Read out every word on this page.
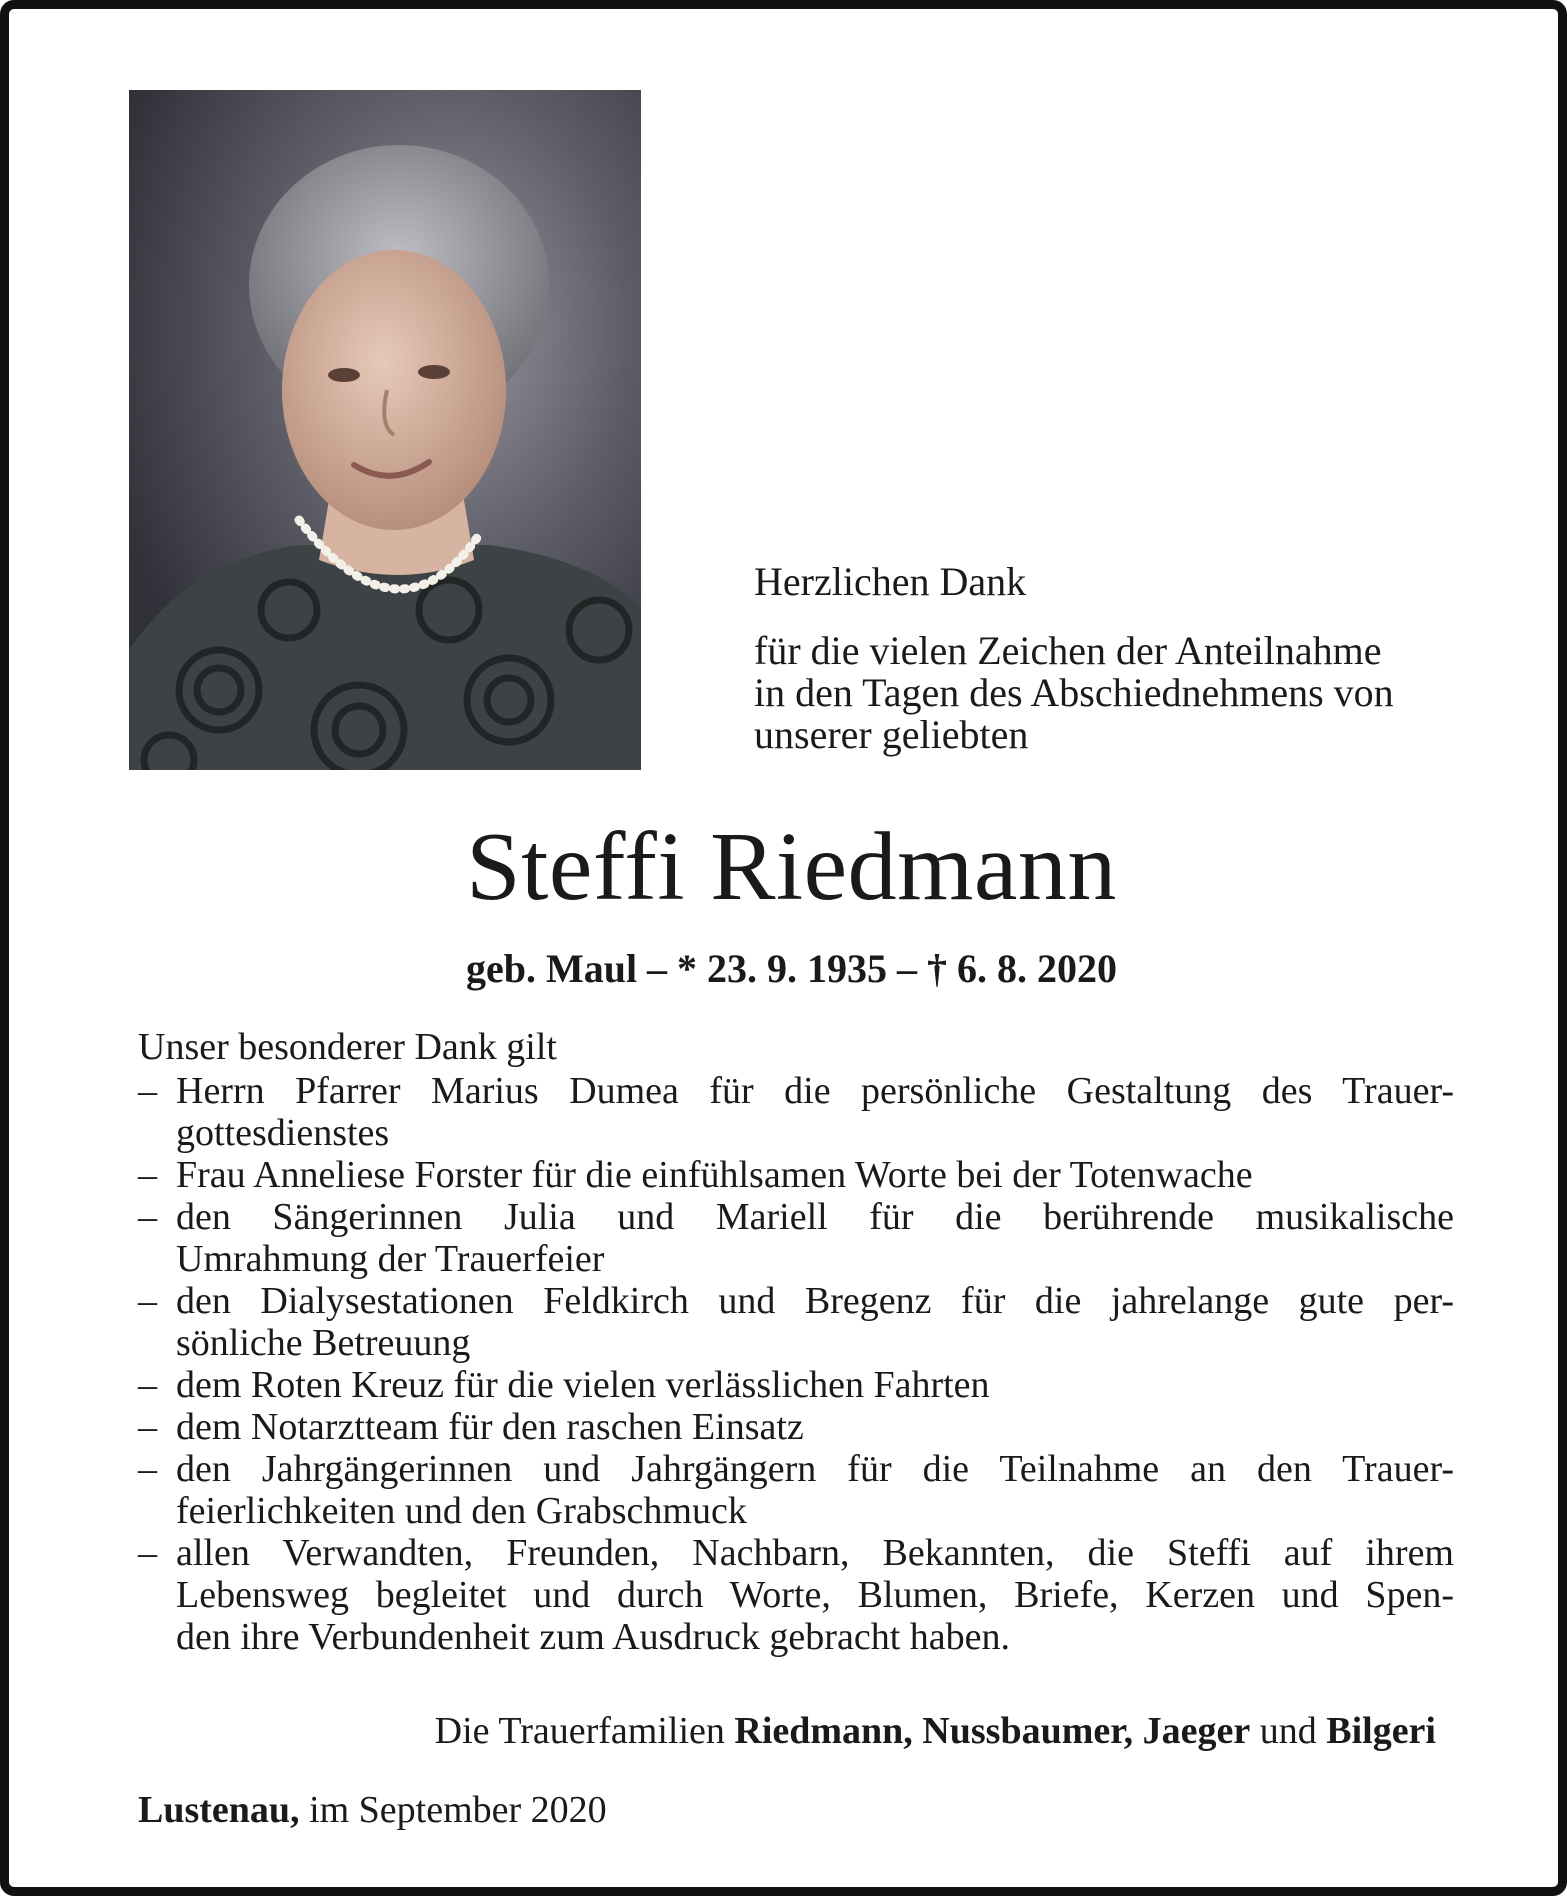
Herzlichen Dank
für die vielen Zeichen der Anteilnahme
in den Tagen des Abschiednehmens von
unserer geliebten
Steffi Riedmann
geb. Maul – * 23. 9. 1935 – † 6. 8. 2020
Unser besonderer Dank gilt
– Herrn Pfarrer Marius Dumea für die persönliche Gestaltung des Trauer-
gottesdienstes
– Frau Anneliese Forster für die einfühlsamen Worte bei der Totenwache
– den Sängerinnen Julia und Mariell für die berührende musikalische
Umrahmung der Trauerfeier
– den Dialysestationen Feldkirch und Bregenz für die jahrelange gute per-
sönliche Betreuung
– dem Roten Kreuz für die vielen verlässlichen Fahrten
– dem Notarztteam für den raschen Einsatz
– den Jahrgängerinnen und Jahrgängern für die Teilnahme an den Trauer-
feierlichkeiten und den Grabschmuck
– allen Verwandten, Freunden, Nachbarn, Bekannten, die Steffi auf ihrem
Lebensweg begleitet und durch Worte, Blumen, Briefe, Kerzen und Spen-
den ihre Verbundenheit zum Ausdruck gebracht haben.
Die Trauerfamilien Riedmann, Nussbaumer, Jaeger und Bilgeri
Lustenau, im September 2020
